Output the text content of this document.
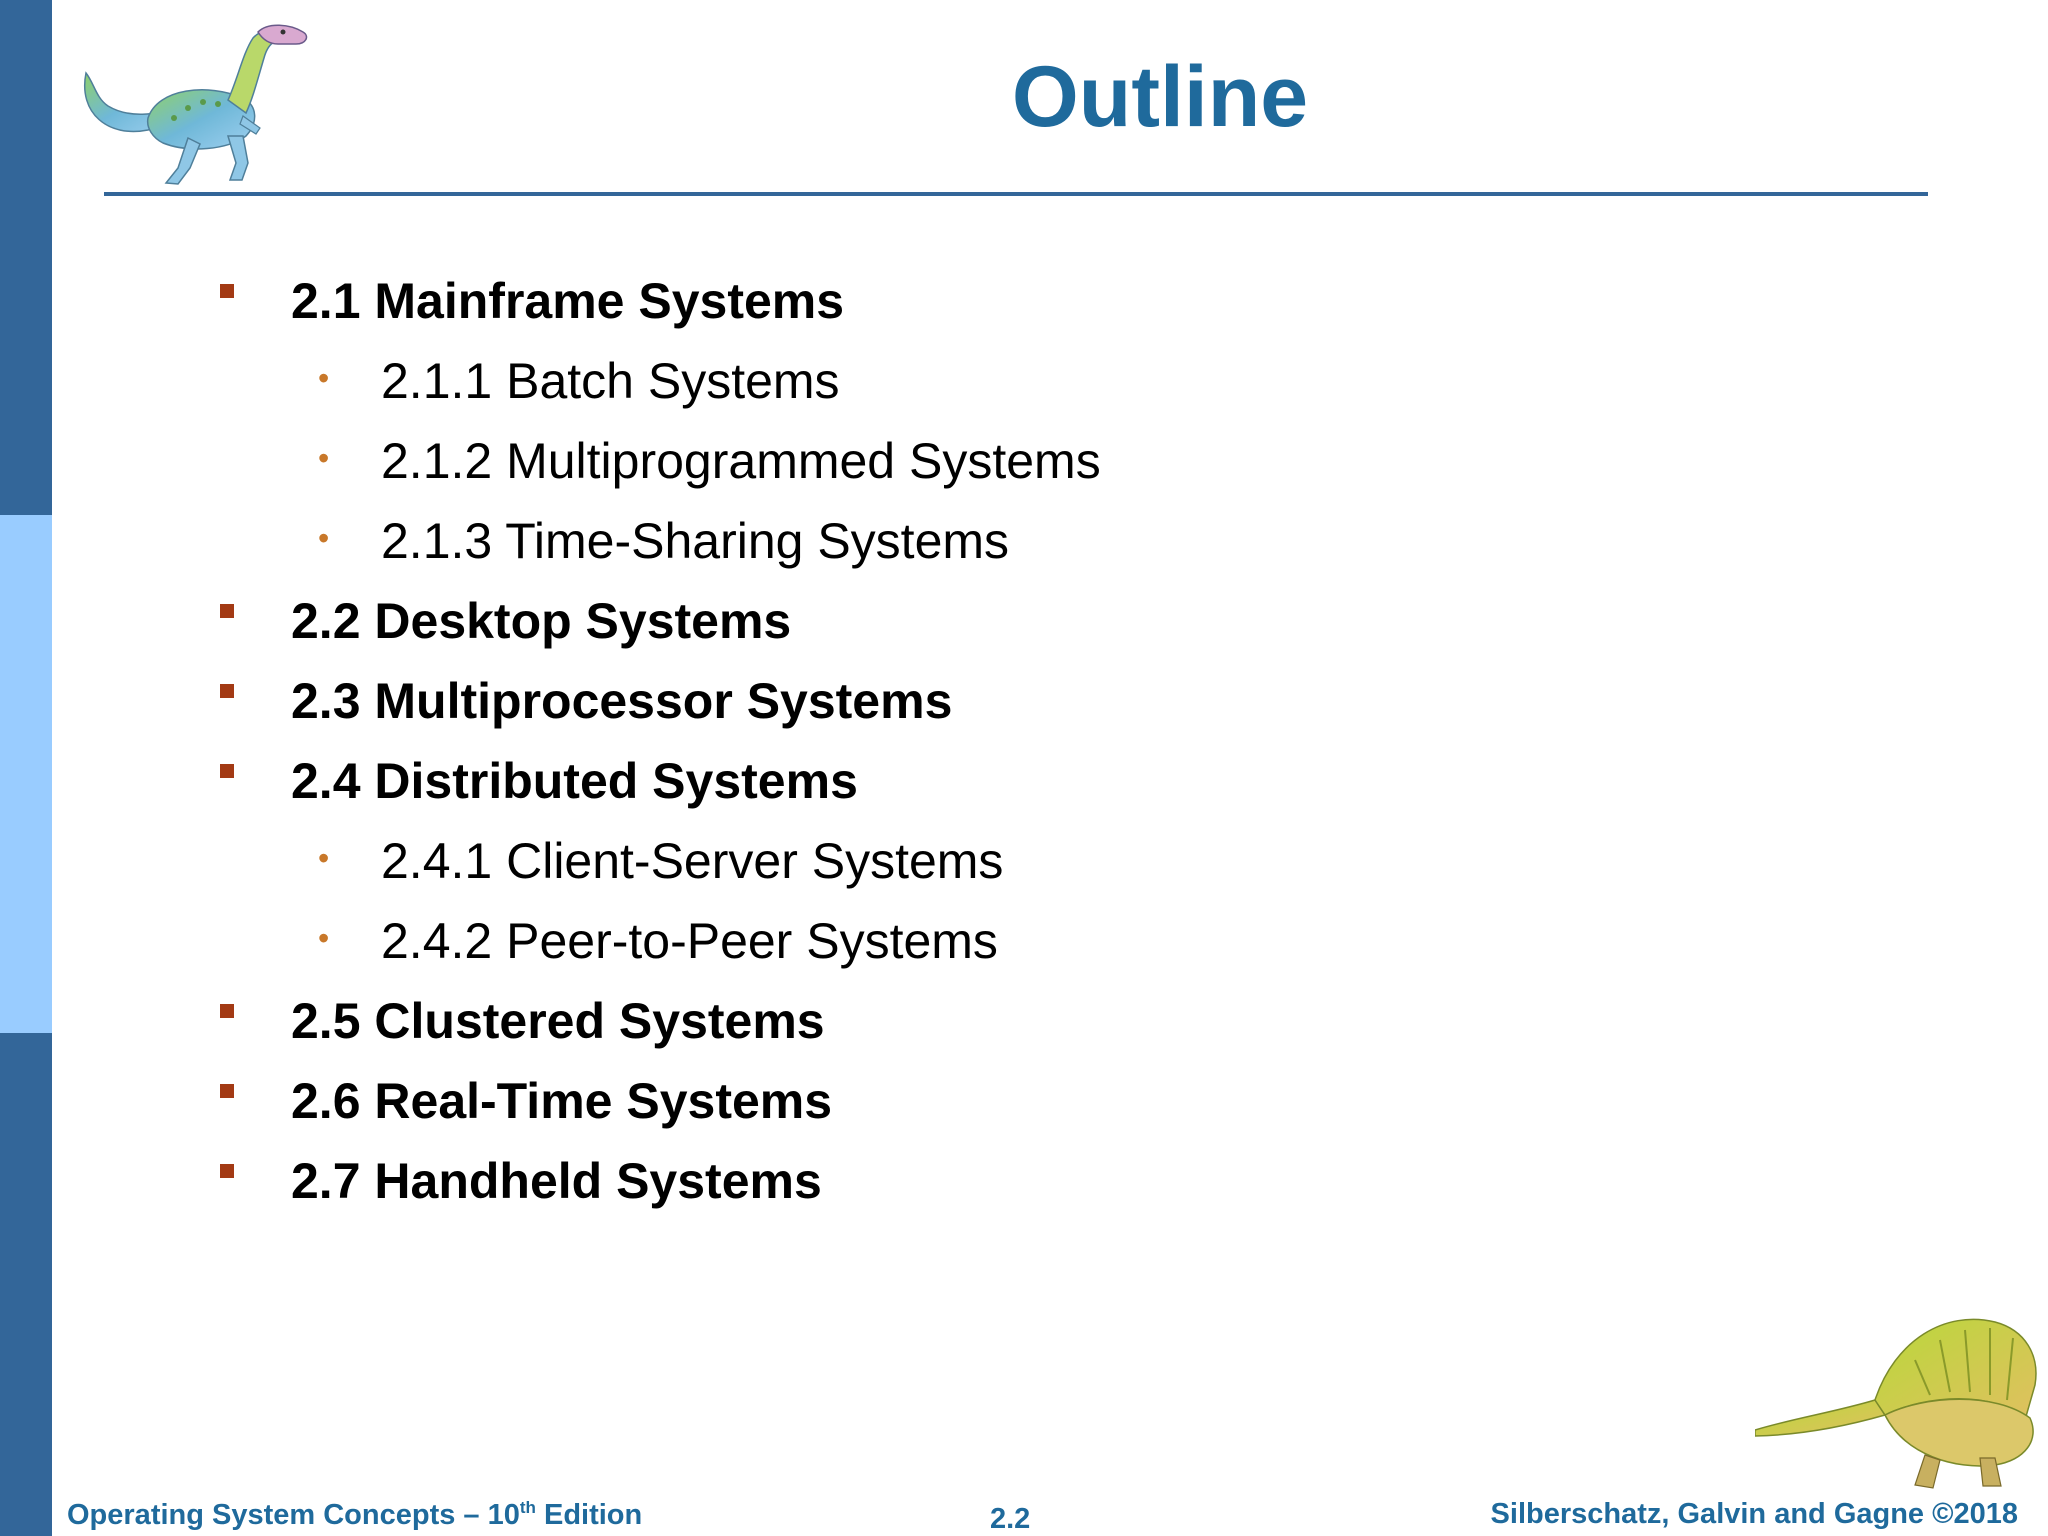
Outline
2.1 Mainframe Systems
• 2.1.1 Batch Systems
• 2.1.2 Multiprogrammed Systems
• 2.1.3 Time-Sharing Systems
2.2 Desktop Systems
2.3 Multiprocessor Systems
2.4 Distributed Systems
• 2.4.1 Client-Server Systems
• 2.4.2 Peer-to-Peer Systems
2.5 Clustered Systems
2.6 Real-Time Systems
2.7 Handheld Systems
Operating System Concepts – 10th Edition	2.2	Silberschatz, Galvin and Gagne ©2018
